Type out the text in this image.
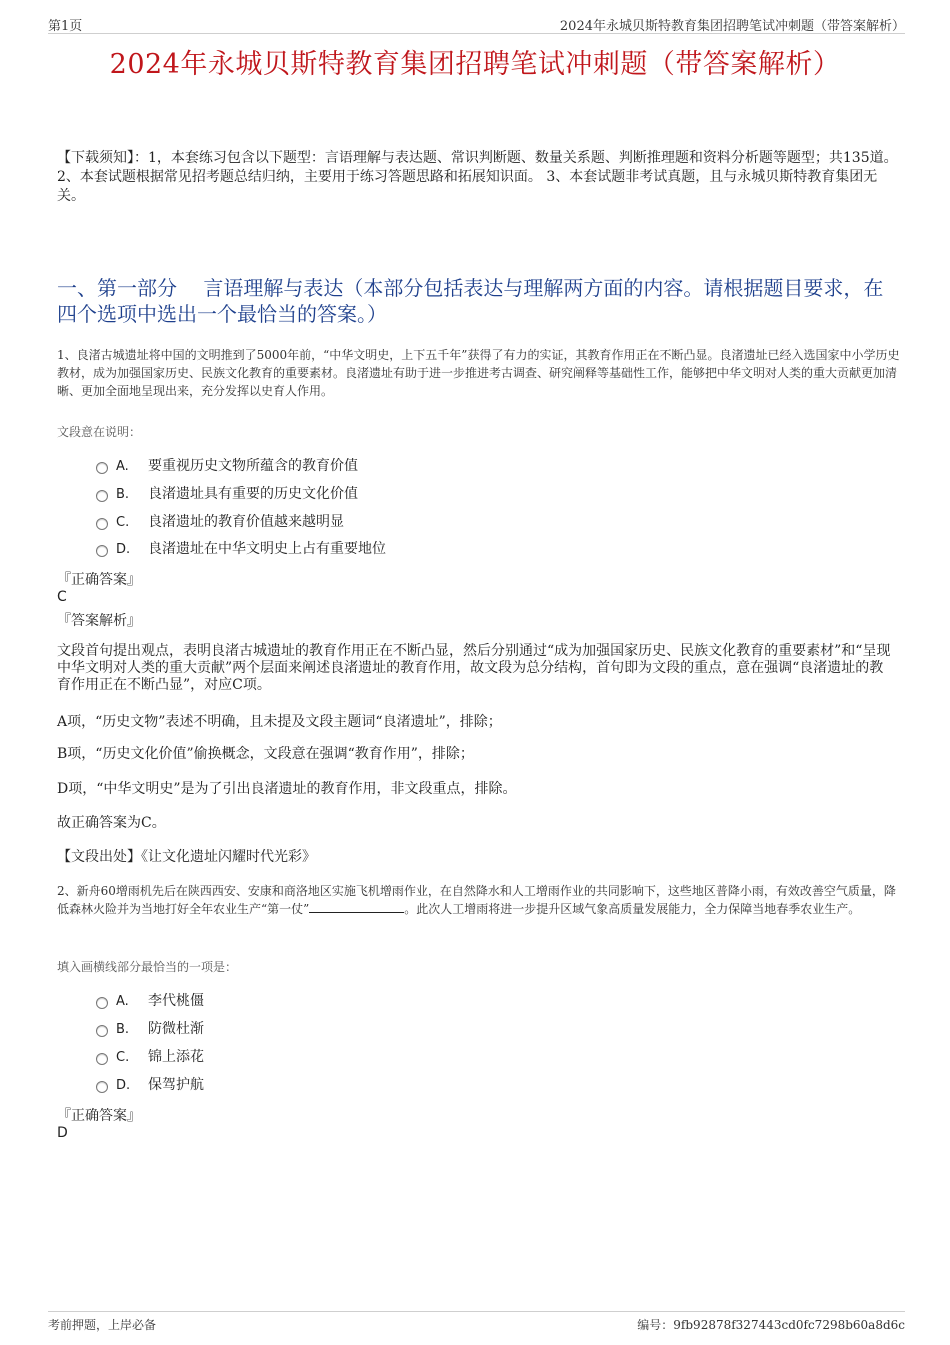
第1页	2024年永城贝斯特教育集团招聘笔试冲刺题（带答案解析）
2024年永城贝斯特教育集团招聘笔试冲刺题（带答案解析）
【下载须知】：1，本套练习包含以下题型：言语理解与表达题、常识判断题、数量关系题、判断推理题和资料分析题等题型；共135道。 2、本套试题根据常见招考题总结归纳，主要用于练习答题思路和拓展知识面。 3、本套试题非考试真题，且与永城贝斯特教育集团无关。
一、第一部分　 言语理解与表达（本部分包括表达与理解两方面的内容。请根据题目要求，在四个选项中选出一个最恰当的答案。）
1、良渚古城遗址将中国的文明推到了5000年前，“中华文明史，上下五千年”获得了有力的实证，其教育作用正在不断凸显。良渚遗址已经入选国家中小学历史教材，成为加强国家历史、民族文化教育的重要素材。良渚遗址有助于进一步推进考古调查、研究阐释等基础性工作，能够把中华文明对人类的重大贡献更加清晰、更加全面地呈现出来，充分发挥以史育人作用。
文段意在说明：
A. 要重视历史文物所蕴含的教育价值
B. 良渚遗址具有重要的历史文化价值
C. 良渚遗址的教育价值越来越明显
D. 良渚遗址在中华文明史上占有重要地位
『正确答案』
C
『答案解析』
文段首句提出观点，表明良渚古城遗址的教育作用正在不断凸显，然后分别通过“成为加强国家历史、民族文化教育的重要素材”和“呈现中华文明对人类的重大贡献”两个层面来阐述良渚遗址的教育作用，故文段为总分结构，首句即为文段的重点，意在强调“良渚遗址的教育作用正在不断凸显”，对应C项。
A项，“历史文物”表述不明确，且未提及文段主题词“良渚遗址”，排除；
B项，“历史文化价值”偷换概念，文段意在强调“教育作用”，排除；
D项，“中华文明史”是为了引出良渚遗址的教育作用，非文段重点，排除。
故正确答案为C。
【文段出处】《让文化遗址闪耀时代光彩》
2、新舟60增雨机先后在陕西西安、安康和商洛地区实施飞机增雨作业，在自然降水和人工增雨作业的共同影响下，这些地区普降小雨，有效改善空气质量，降低森林火险并为当地打好全年农业生产“第一仗”	。此次人工增雨将进一步提升区域气象高质量发展能力，全力保障当地春季农业生产。
填入画横线部分最恰当的一项是：
A. 李代桃僵
B. 防微杜渐
C. 锦上添花
D. 保驾护航
『正确答案』
D
考前押题，上岸必备	编号：9fb92878f327443cd0fc7298b60a8d6c
